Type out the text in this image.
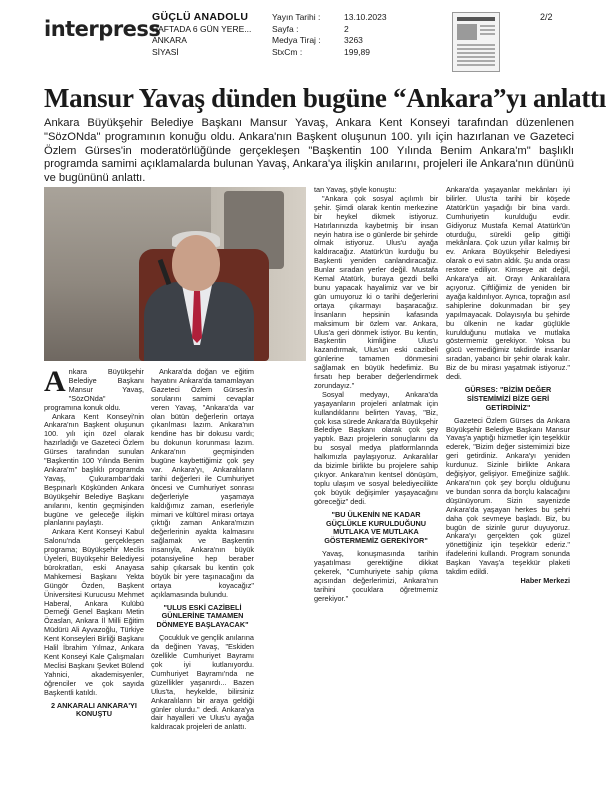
interpress
GÜÇLÜ ANADOLU
HAFTADA 6 GÜN YERE...
ANKARA
SİYASİ
Yayın Tarihi :	13.10.2023
Sayfa :	2
Medya Tiraj :	3263
StxCm :	199,89
2/2
Mansur Yavaş dünden bugüne “Ankara”yı anlattı
Ankara Büyükşehir Belediye Başkanı Mansur Yavaş, Ankara Kent Konseyi tarafından düzenlenen "SözONda" programının konuğu oldu. Ankara'nın Başkent oluşunun 100. yılı için hazırlanan ve Gazeteci Özlem Gürses'in moderatörlüğünde gerçekleşen "Başkentin 100 Yılında Benim Ankara'm" başlıklı programda samimi açıklamalarda bulunan Yavaş, Ankara'ya ilişkin anılarını, projeleri ile Ankara'nın dününü ve bugününü anlattı.

Ankara Büyükşehir Belediye Başkanı Mansur Yavaş, "SözONda" programına konuk oldu.

Ankara Kent Konseyi'nin Ankara'nın Başkent oluşunun 100. yılı için özel olarak hazırladığı ve Gazeteci Özlem Gürses tarafından sunulan "Başkentin 100 Yılında Benim Ankara'm" başlıklı programda Yavaş, Çukurambar'daki Beşpınarlı Köşkünden Ankara Büyükşehir Belediye Başkanı anılarını, kentin geçmişinden bugüne ve geleceğe ilişkin planlarını paylaştı.

Ankara Kent Konseyi Kabul Salonu'nda gerçekleşen programa; Büyükşehir Meclis Üyeleri, Büyükşehir Belediyesi bürokratları, eski Anayasa Mahkemesi Başkanı Yekta Güngör Özden, Başkent Üniversitesi Kurucusu Mehmet Haberal, Ankara Kulübü Derneği Genel Başkanı Metin Özaslan, Ankara İl Milli Eğitim Müdürü Ali Ayvazoğlu, Türkiye Kent Konseyleri Birliği Başkanı Halil İbrahim Yılmaz, Ankara Kent Konseyi Kale Çalışmaları Meclisi Başkanı Şevket Bülend Yahnici, akademisyenler, öğrenciler ve çok sayıda Başkentli katıldı.

2 ANKARALI ANKARA'YI KONUŞTU

Ankara'da doğan ve eğitim hayatını Ankara'da tamamlayan Gazeteci Özlem Gürses'in sorularını samimi cevaplar veren Yavaş, "Ankara'da var olan bütün değerlerin ortaya çıkarılması lazım. Ankara'nın kendine has bir dokusu vardı; bu dokunun korunması lazım. Ankara'nın geçmişinden bugüne kaybettiğimiz çok şey var. Ankara'yı, Ankaralıların tarihi değerleri ile Cumhuriyet öncesi ve Cumhuriyet sonrası değerleriyle yaşamaya kaldığımız zaman, eserleriyle mimari ve kültürel mirası ortaya çıktığı zaman Ankara'mızın değerlerinin ayakta kalmasını sağlamak ve Başkentin insanıyla, Ankara'nın büyük potansiyeline hep beraber sahip çıkarsak bu kentin çok büyük bir yere taşınacağını da ortaya koyacağız" açıklamasında bulundu.

"ULUS ESKİ CAZİBELİ GÜNLERİNE TAMAMEN DÖNMEYE BAŞLAYACAK"

Çocukluk ve gençlik anılarına da değinen Yavaş, "Eskiden özellikle Cumhuriyet Bayramı çok iyi kutlanıyordu. Cumhuriyet Bayramı'nda ne güzellikler yaşanırdı... Bazen Ulus'ta, heykelde, bilirsiniz Ankaralıların bir araya geldiği günler olurdu." dedi. Ankara'ya dair hayalleri ve Ulus'u ayağa kaldıracak projeleri de anlattı.

tan Yavaş, şöyle konuştu:

"Ankara çok sosyal açılımlı bir şehir. Şimdi olarak kentin merkezine bir heykel dikmek istiyoruz. Hatırlarınızda kaybetmiş bir insan neyin hatıra ise o günlerde bir şehirde olmak istiyoruz. Ulus'u ayağa kaldıracağız. Atatürk'ün kurduğu bu Başkenti yeniden canlandıracağız. Bunlar sıradan yerler değil. Mustafa Kemal Atatürk, buraya gezdi belki bunu yapacak hayalimiz var ve bir gün umuyoruz ki o tarihi değerlerini ortaya çıkarmayı başaracağız. İnsanların hepsinin kafasında maksimum bir özlem var. Ankara, Ulus'a geri dönmek istiyor. Bu kentin, Başkentin kimliğine Ulus'u kazandırmak, Ulus'un eski cazibeli günlerine tamamen dönmesini sağlamak en büyük hedefimiz. Bu fırsatı hep beraber değerlendirmek zorundayız."

Sosyal medyayı, Ankara'da yaşayanların projeleri anlatmak için kullandıklarını belirten Yavaş, "Biz, çok kısa sürede Ankara'da Büyükşehir Belediye Başkanı olarak çok şey yaptık. Bazı projelerin sonuçlarını da bu sosyal medya platformlarında halkımızla paylaşıyoruz. Ankaralılar da bizimle birlikte bu projelere sahip çıkıyor. Ankara'nın kentsel dönüşüm, toplu ulaşım ve sosyal belediyecilikte çok büyük değişimler yaşayacağını göreceğiz" dedi.

"BU ÜLKENİN NE KADAR GÜÇLÜKLE KURULDUĞUNU MUTLAKA VE MUTLAKA GÖSTERMEMİZ GEREKİYOR"

Yavaş, konuşmasında tarihin yaşatılması gerektiğine dikkat çekerek, "Cumhuriyete sahip çıkma açısından değerlerimizi, Ankara'nın tarihini çocuklara öğretmemiz gerekiyor."

Ankara'da yaşayanlar mekânları iyi bilirler. Ulus'ta tarihi bir köşede Atatürk'ün yaşadığı bir bina vardı. Cumhuriyetin kurulduğu evdir. Gidiyoruz Mustafa Kemal Atatürk'ün oturduğu, sürekli gelip gittiği mekânlara. Çok uzun yıllar kalmış bir ev. Ankara Büyükşehir Belediyesi olarak o evi satın aldık. Şu anda orası restore ediliyor. Kimseye ait değil, Ankara'ya ait. Orayı Ankaralılara açıyoruz. Çiftliğimiz de yeniden bir ayağa kaldırılıyor. Ayrıca, toprağın asıl sahiplerine dokunmadan bir şey yapılmayacak. Dolayısıyla bu şehirde bu ülkenin ne kadar güçlükle kurulduğunu mutlaka ve mutlaka göstermemiz gerekiyor. Yoksa bu gücü vermediğimiz takdirde insanlar sıradan, yabancı bir şehir olarak kalır. Biz de bu mirası yaşatmak istiyoruz." dedi.

GÜRSES: "BİZİM DEĞER SİSTEMİMİZİ BİZE GERİ GETİRDİNİZ"

Gazeteci Özlem Gürses da Ankara Büyükşehir Belediye Başkanı Mansur Yavaş'a yaptığı hizmetler için teşekkür ederek, "Bizim değer sistemimizi bize geri getirdiniz. Ankara'yı yeniden kurdunuz. Sizinle birlikte Ankara değişiyor, gelişiyor. Emeğinize sağlık. Ankara'nın çok şey borçlu olduğunu ve bundan sonra da borçlu kalacağını düşünüyorum. Sizin sayenizde Ankara'da yaşayan herkes bu şehri daha çok sevmeye başladı. Biz, bu bugün de sizinle gurur duyuyoruz. Ankara'yı gerçekten çok güzel yönettiğiniz için teşekkür ederiz." ifadelerini kullandı. Program sonunda Başkan Yavaş'a teşekkür plaketi takdim edildi.

Haber Merkezi
